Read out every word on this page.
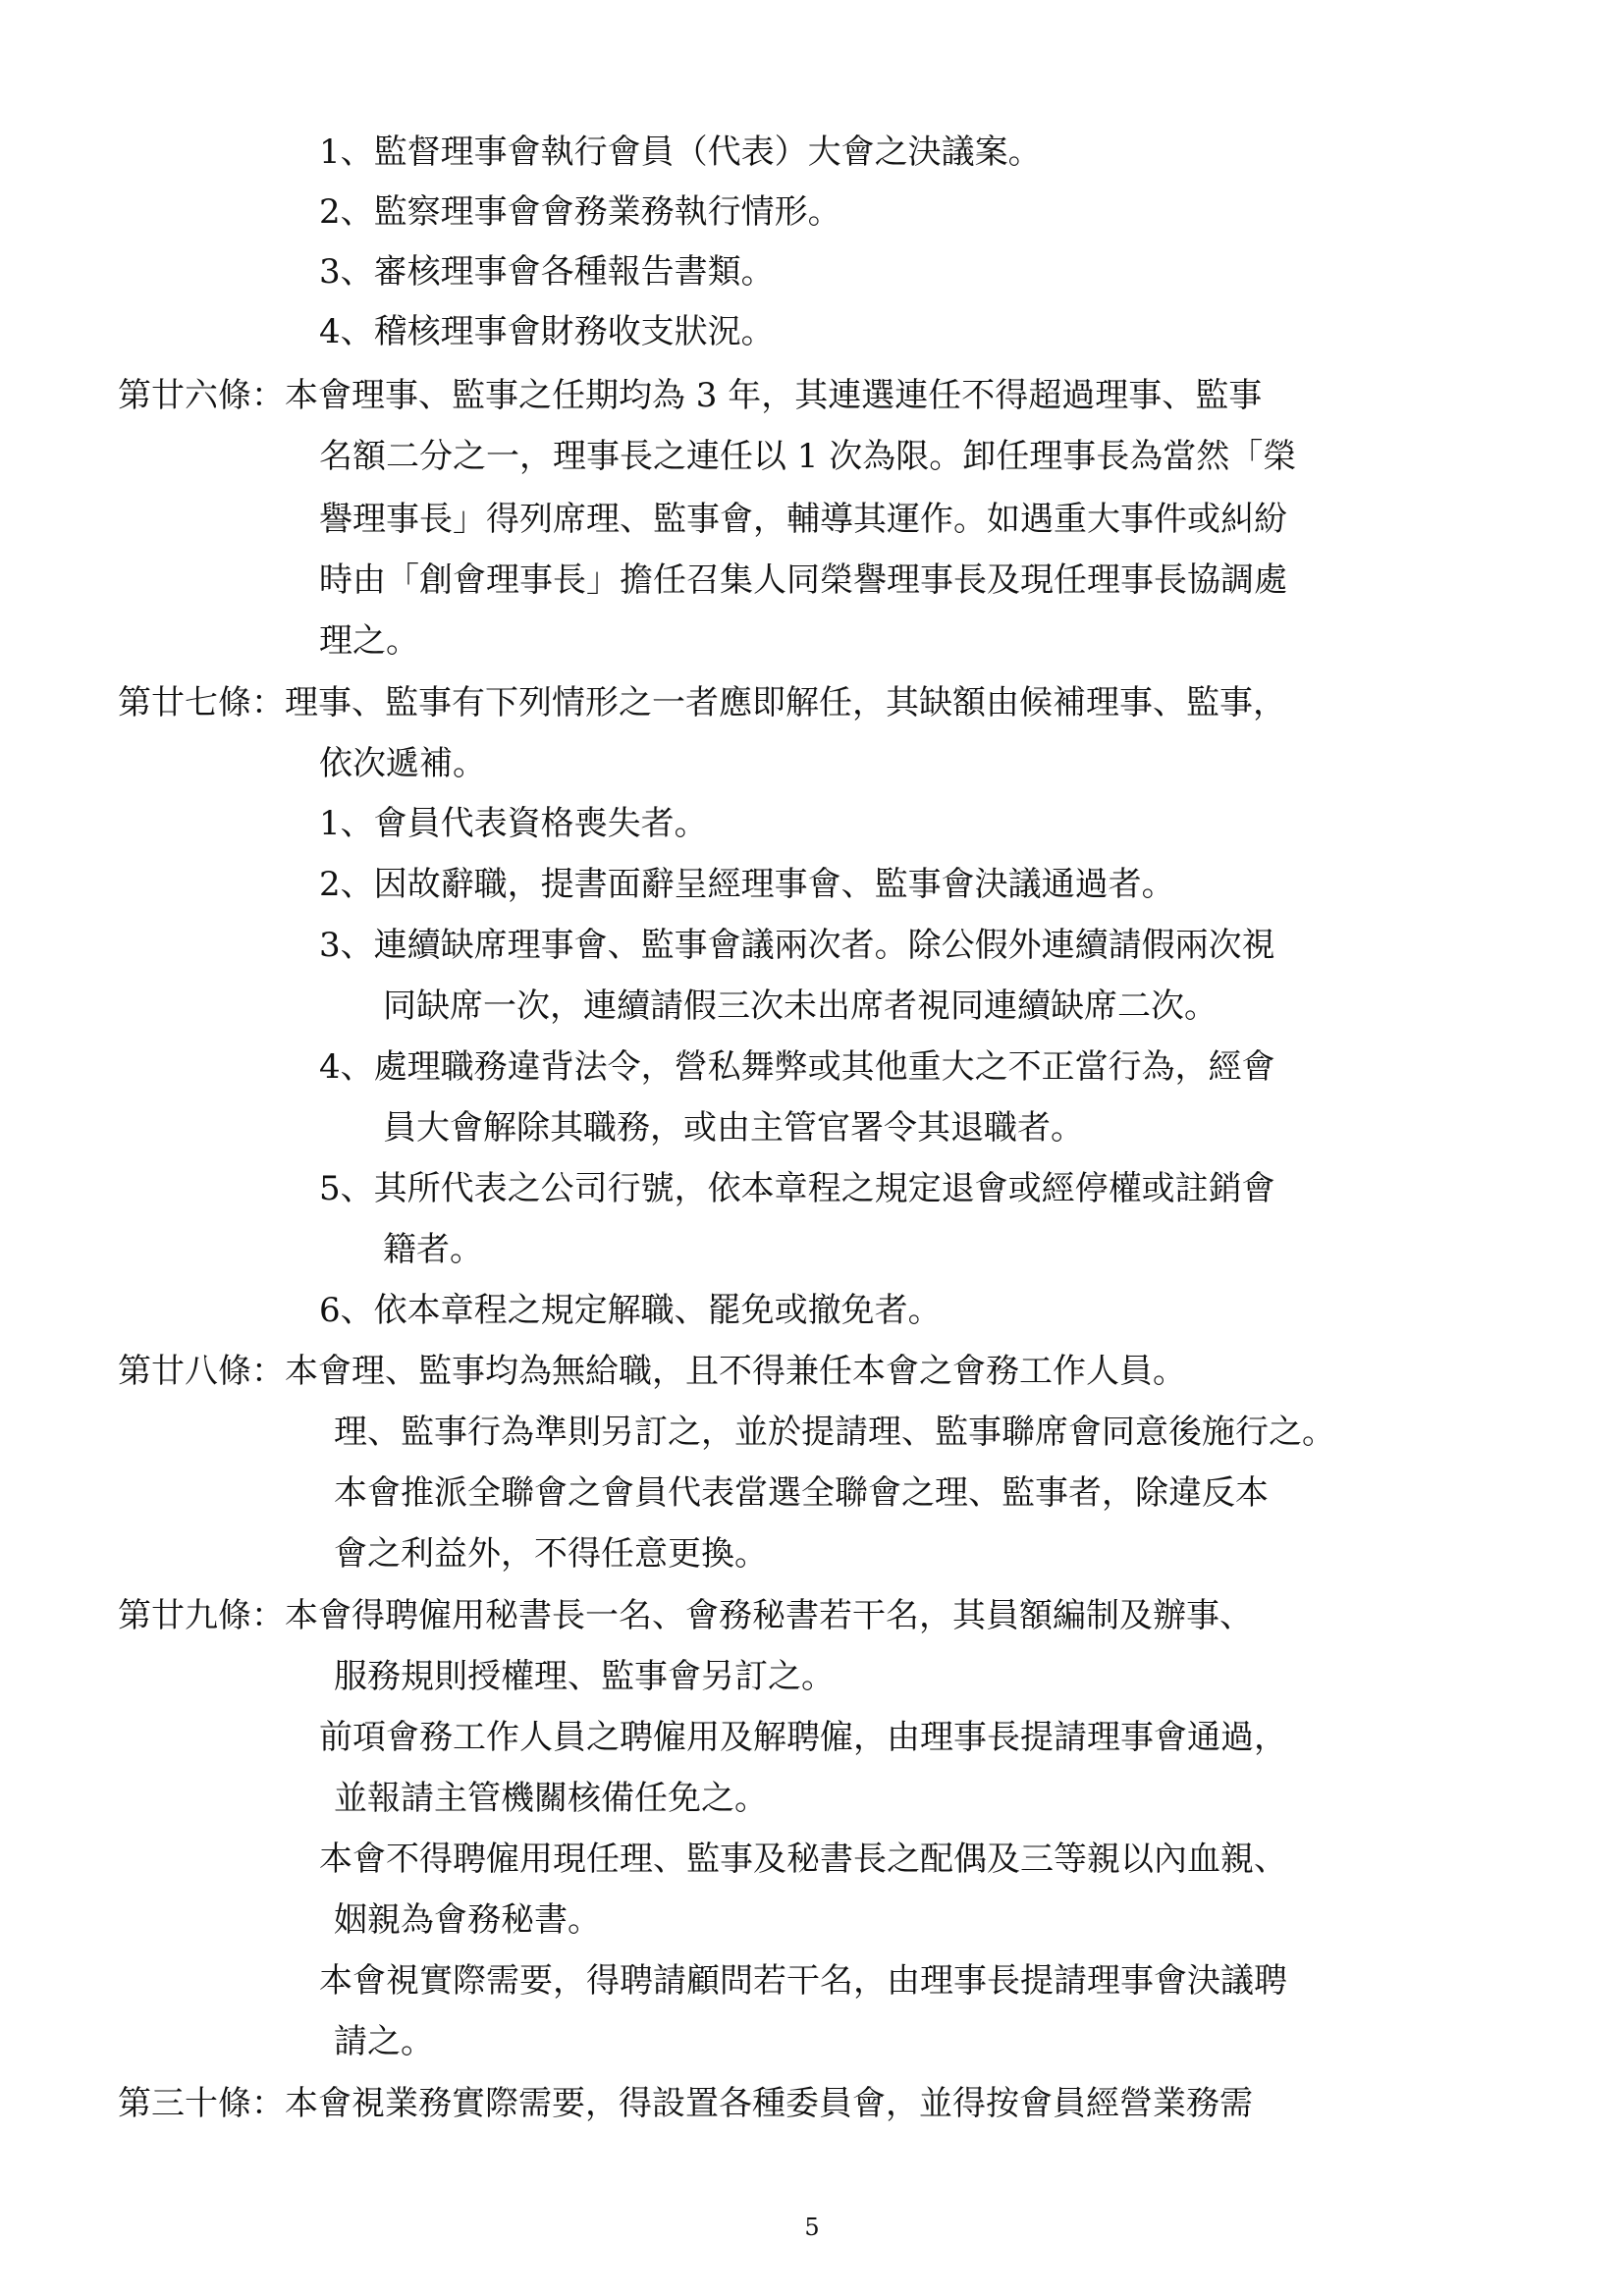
1、監督理事會執行會員（代表）大會之決議案。
2、監察理事會會務業務執行情形。
3、審核理事會各種報告書類。
4、稽核理事會財務收支狀況。
第廿六條：本會理事、監事之任期均為 3 年，其連選連任不得超過理事、監事
名額二分之一，理事長之連任以 1 次為限。卸任理事長為當然「榮
譽理事長」得列席理、監事會，輔導其運作。如遇重大事件或糾紛
時由「創會理事長」擔任召集人同榮譽理事長及現任理事長協調處
理之。
第廿七條：理事、監事有下列情形之一者應即解任，其缺額由候補理事、監事，
依次遞補。
1、會員代表資格喪失者。
2、因故辭職，提書面辭呈經理事會、監事會決議通過者。
3、連續缺席理事會、監事會議兩次者。除公假外連續請假兩次視
同缺席一次，連續請假三次未出席者視同連續缺席二次。
4、處理職務違背法令，營私舞弊或其他重大之不正當行為，經會
員大會解除其職務，或由主管官署令其退職者。
5、其所代表之公司行號，依本章程之規定退會或經停權或註銷會
籍者。
6、依本章程之規定解職、罷免或撤免者。
第廿八條：本會理、監事均為無給職，且不得兼任本會之會務工作人員。
理、監事行為準則另訂之，並於提請理、監事聯席會同意後施行之。
本會推派全聯會之會員代表當選全聯會之理、監事者，除違反本
會之利益外，不得任意更換。
第廿九條：本會得聘僱用秘書長一名、會務秘書若干名，其員額編制及辦事、
服務規則授權理、監事會另訂之。
前項會務工作人員之聘僱用及解聘僱，由理事長提請理事會通過，
並報請主管機關核備任免之。
本會不得聘僱用現任理、監事及秘書長之配偶及三等親以內血親、
姻親為會務秘書。
本會視實際需要，得聘請顧問若干名，由理事長提請理事會決議聘
請之。
第三十條：本會視業務實際需要，得設置各種委員會，並得按會員經營業務需
5
